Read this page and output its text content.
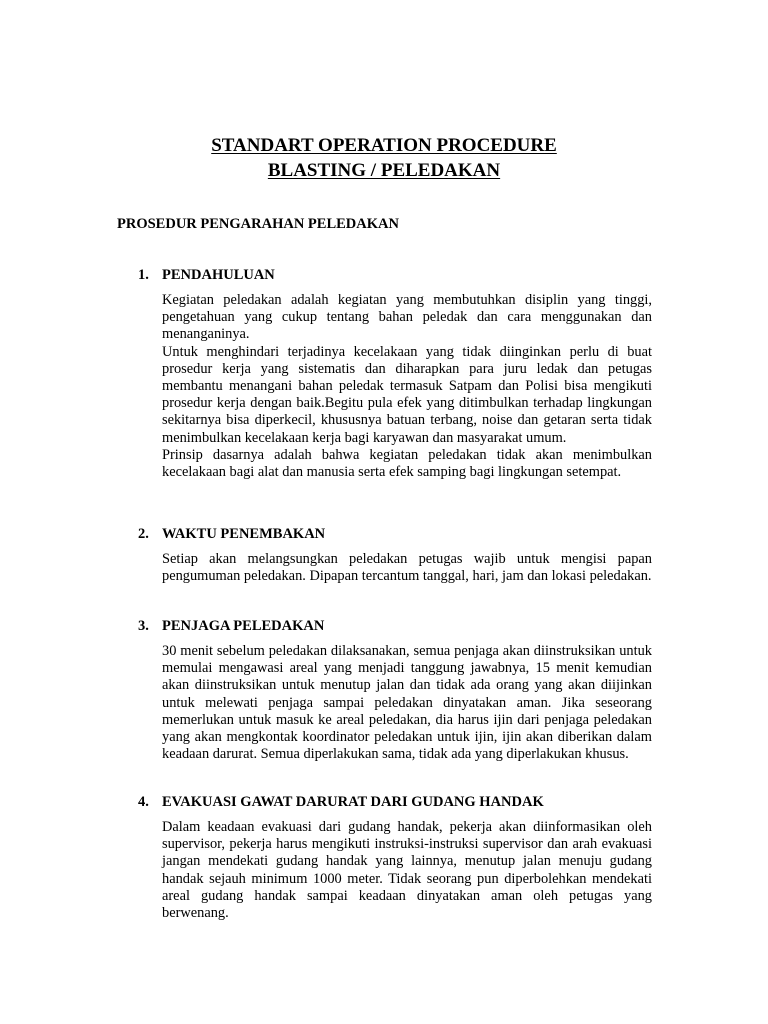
STANDART OPERATION PROCEDURE
BLASTING / PELEDAKAN
PROSEDUR PENGARAHAN PELEDAKAN
1. PENDAHULUAN

Kegiatan peledakan adalah kegiatan yang membutuhkan disiplin yang tinggi, pengetahuan yang cukup tentang bahan peledak dan cara menggunakan dan menanganinya.

Untuk menghindari terjadinya kecelakaan yang tidak diinginkan perlu di buat prosedur kerja yang sistematis dan diharapkan para juru ledak dan petugas membantu menangani bahan peledak termasuk Satpam dan Polisi bisa mengikuti prosedur kerja dengan baik.Begitu pula efek yang ditimbulkan terhadap lingkungan sekitarnya bisa diperkecil, khususnya batuan terbang, noise dan getaran serta tidak menimbulkan kecelakaan kerja bagi karyawan dan masyarakat umum.

Prinsip dasarnya adalah bahwa kegiatan peledakan tidak akan menimbulkan kecelakaan bagi alat dan manusia serta efek samping bagi lingkungan setempat.

2. WAKTU PENEMBAKAN

Setiap akan melangsungkan peledakan petugas wajib untuk mengisi papan pengumuman peledakan. Dipapan tercantum tanggal, hari, jam dan lokasi peledakan.

3. PENJAGA PELEDAKAN

30 menit sebelum peledakan dilaksanakan, semua penjaga akan diinstruksikan untuk memulai mengawasi areal yang menjadi tanggung jawabnya, 15 menit kemudian akan diinstruksikan untuk menutup jalan dan tidak ada orang yang akan diijinkan untuk melewati penjaga sampai peledakan dinyatakan aman. Jika seseorang memerlukan untuk masuk ke areal peledakan, dia harus ijin dari penjaga peledakan yang akan mengkontak koordinator peledakan untuk ijin, ijin akan diberikan dalam keadaan darurat. Semua diperlakukan sama, tidak ada yang diperlakukan khusus.

4. EVAKUASI GAWAT DARURAT DARI GUDANG HANDAK

Dalam keadaan evakuasi dari gudang handak, pekerja akan diinformasikan oleh supervisor, pekerja harus mengikuti instruksi-instruksi supervisor dan arah evakuasi jangan mendekati gudang handak yang lainnya, menutup jalan menuju gudang handak sejauh minimum 1000 meter. Tidak seorang pun diperbolehkan mendekati areal gudang handak sampai keadaan dinyatakan aman oleh petugas yang berwenang.
